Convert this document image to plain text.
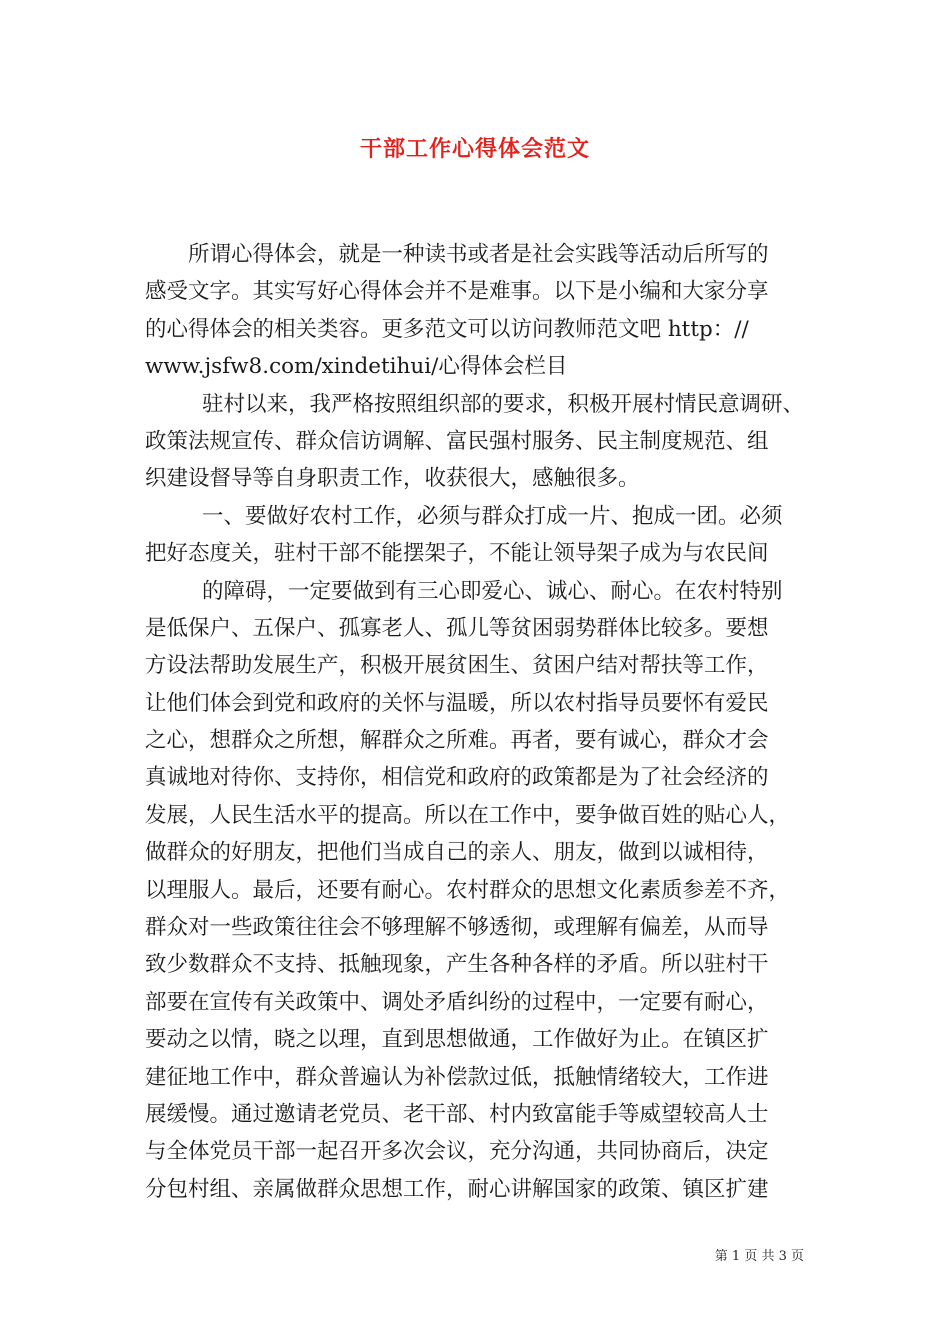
干部工作心得体会范文
所谓心得体会，就是一种读书或者是社会实践等活动后所写的
感受文字。其实写好心得体会并不是难事。以下是小编和大家分享
的心得体会的相关类容。更多范文可以访问教师范文吧 http：//
www.jsfw8.com/xindetihui/心得体会栏目
驻村以来，我严格按照组织部的要求，积极开展村情民意调研、
政策法规宣传、群众信访调解、富民强村服务、民主制度规范、组
织建设督导等自身职责工作，收获很大，感触很多。
一、要做好农村工作，必须与群众打成一片、抱成一团。必须
把好态度关，驻村干部不能摆架子，不能让领导架子成为与农民间
的障碍，一定要做到有三心即爱心、诚心、耐心。在农村特别
是低保户、五保户、孤寡老人、孤儿等贫困弱势群体比较多。要想
方设法帮助发展生产，积极开展贫困生、贫困户结对帮扶等工作，
让他们体会到党和政府的关怀与温暖，所以农村指导员要怀有爱民
之心，想群众之所想，解群众之所难。再者，要有诚心，群众才会
真诚地对待你、支持你，相信党和政府的政策都是为了社会经济的
发展，人民生活水平的提高。所以在工作中，要争做百姓的贴心人，
做群众的好朋友，把他们当成自己的亲人、朋友，做到以诚相待，
以理服人。最后，还要有耐心。农村群众的思想文化素质参差不齐，
群众对一些政策往往会不够理解不够透彻，或理解有偏差，从而导
致少数群众不支持、抵触现象，产生各种各样的矛盾。所以驻村干
部要在宣传有关政策中、调处矛盾纠纷的过程中，一定要有耐心，
要动之以情，晓之以理，直到思想做通，工作做好为止。在镇区扩
建征地工作中，群众普遍认为补偿款过低，抵触情绪较大，工作进
展缓慢。通过邀请老党员、老干部、村内致富能手等威望较高人士
与全体党员干部一起召开多次会议，充分沟通，共同协商后，决定
分包村组、亲属做群众思想工作，耐心讲解国家的政策、镇区扩建
第 1 页 共 3 页
